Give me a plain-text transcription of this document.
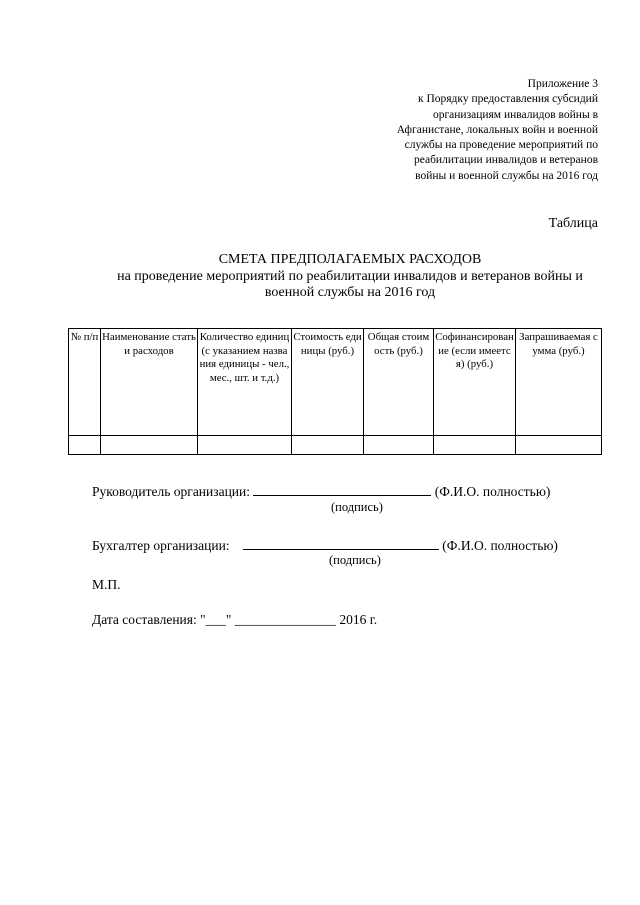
Приложение 3
к Порядку предоставления субсидий
организациям инвалидов войны в
Афганистане, локальных войн и военной
службы на проведение мероприятий по
реабилитации инвалидов и ветеранов
войны и военной службы на 2016 год
Таблица
СМЕТА ПРЕДПОЛАГАЕМЫХ РАСХОДОВ
на проведение мероприятий по реабилитации инвалидов и ветеранов войны и
военной службы на 2016 год
№ п/п	Наименование статьи расходов	Количество единиц (с указанием названия единицы - чел., мес., шт. и т.д.)	Стоимость единицы (руб.)	Общая стоимость (руб.)	Софинансирование (если имеется) (руб.)	Запрашиваемая сумма (руб.)

Руководитель организации:	(Ф.И.О. полностью)
(подпись)
Бухгалтер организации:	(Ф.И.О. полностью)
(подпись)
М.П.
Дата составления: "___" _______________ 2016 г.
